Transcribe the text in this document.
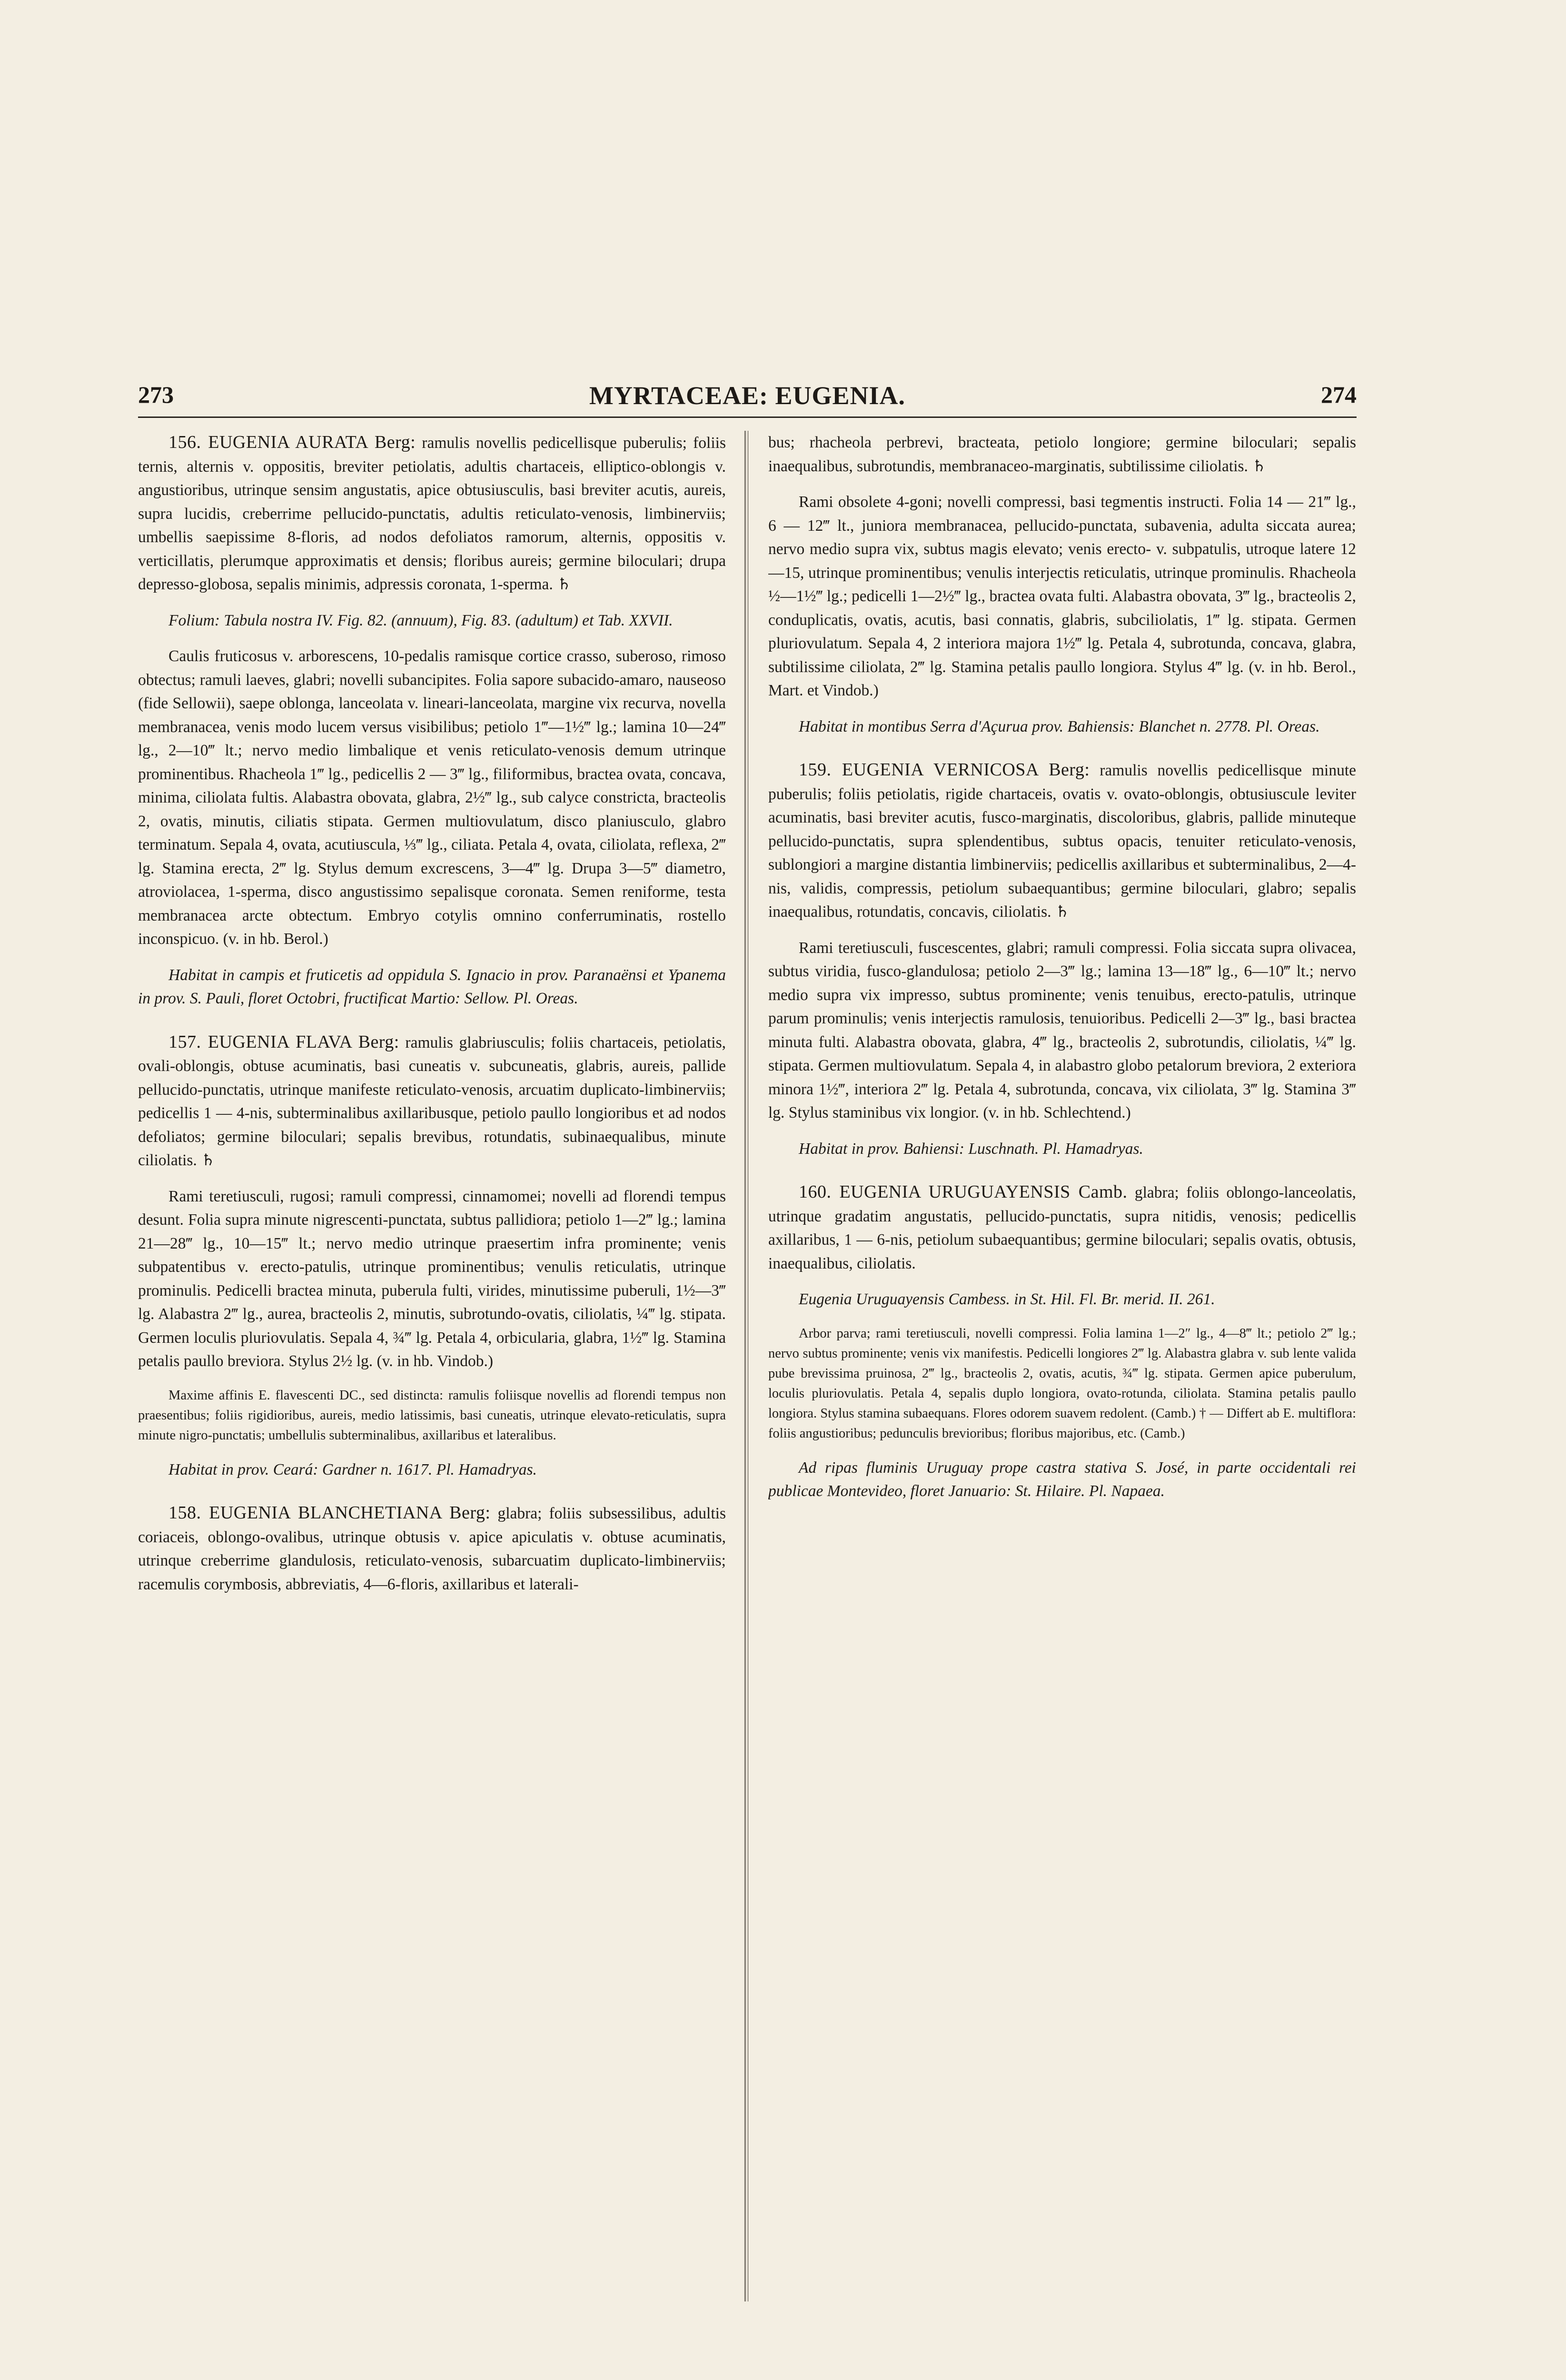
273	MYRTACEAE: EUGENIA.	274

156. EUGENIA AURATA Berg: ramulis novellis pedicellisque puberulis; foliis ternis, alternis v. oppositis, breviter petiolatis, adultis chartaceis, elliptico-oblongis v. angustioribus, utrinque sensim angustatis, apice obtusiusculis, basi breviter acutis, aureis, supra lucidis, creberrime pellucido-punctatis, adultis reticulato-venosis, limbinerviis; umbellis saepissime 8-floris, ad nodos defoliatos ramorum, alternis, oppositis v. verticillatis, plerumque approximatis et densis; floribus aureis; germine biloculari; drupa depresso-globosa, sepalis minimis, adpressis coronata, 1-sperma. ♄

Folium: Tabula nostra IV. Fig. 82. (annuum), Fig. 83. (adultum) et Tab. XXVII.

Caulis fruticosus v. arborescens, 10-pedalis ramisque cortice crasso, suberoso, rimoso obtectus; ramuli laeves, glabri; novelli subancipites. Folia sapore subacido-amaro, nauseoso (fide Sellowii), saepe oblonga, lanceolata v. lineari-lanceolata, margine vix recurva, novella membranacea, venis modo lucem versus visibilibus; petiolo 1‴—1½‴ lg.; lamina 10—24‴ lg., 2—10‴ lt.; nervo medio limbalique et venis reticulato-venosis demum utrinque prominentibus. Rhacheola 1‴ lg., pedicellis 2 — 3‴ lg., filiformibus, bractea ovata, concava, minima, ciliolata fultis. Alabastra obovata, glabra, 2½‴ lg., sub calyce constricta, bracteolis 2, ovatis, minutis, ciliatis stipata. Germen multiovulatum, disco planiusculo, glabro terminatum. Sepala 4, ovata, acutiuscula, ⅓‴ lg., ciliata. Petala 4, ovata, ciliolata, reflexa, 2‴ lg. Stamina erecta, 2‴ lg. Stylus demum excrescens, 3—4‴ lg. Drupa 3—5‴ diametro, atroviolacea, 1-sperma, disco angustissimo sepalisque coronata. Semen reniforme, testa membranacea arcte obtectum. Embryo cotylis omnino conferruminatis, rostello inconspicuo. (v. in hb. Berol.)

Habitat in campis et fruticetis ad oppidula S. Ignacio in prov. Paranaënsi et Ypanema in prov. S. Pauli, floret Octobri, fructificat Martio: Sellow. Pl. Oreas.

157. EUGENIA FLAVA Berg: ramulis glabriusculis; foliis chartaceis, petiolatis, ovali-oblongis, obtuse acuminatis, basi cuneatis v. subcuneatis, glabris, aureis, pallide pellucido-punctatis, utrinque manifeste reticulato-venosis, arcuatim duplicato-limbinerviis; pedicellis 1 — 4-nis, subterminalibus axillaribusque, petiolo paullo longioribus et ad nodos defoliatos; germine biloculari; sepalis brevibus, rotundatis, subinaequalibus, minute ciliolatis. ♄

Rami teretiusculi, rugosi; ramuli compressi, cinnamomei; novelli ad florendi tempus desunt. Folia supra minute nigrescenti-punctata, subtus pallidiora; petiolo 1—2‴ lg.; lamina 21—28‴ lg., 10—15‴ lt.; nervo medio utrinque praesertim infra prominente; venis subpatentibus v. erecto-patulis, utrinque prominentibus; venulis reticulatis, utrinque prominulis. Pedicelli bractea minuta, puberula fulti, virides, minutissime puberuli, 1½—3‴ lg. Alabastra 2‴ lg., aurea, bracteolis 2, minutis, subrotundo-ovatis, ciliolatis, ¼‴ lg. stipata. Germen loculis pluriovulatis. Sepala 4, ¾‴ lg. Petala 4, orbicularia, glabra, 1½‴ lg. Stamina petalis paullo breviora. Stylus 2½ lg. (v. in hb. Vindob.)

Maxime affinis E. flavescenti DC., sed distincta: ramulis foliisque novellis ad florendi tempus non praesentibus; foliis rigidioribus, aureis, medio latissimis, basi cuneatis, utrinque elevato-reticulatis, supra minute nigro-punctatis; umbellulis subterminalibus, axillaribus et lateralibus.

Habitat in prov. Ceará: Gardner n. 1617. Pl. Hamadryas.

158. EUGENIA BLANCHETIANA Berg: glabra; foliis subsessilibus, adultis coriaceis, oblongo-ovalibus, utrinque obtusis v. apice apiculatis v. obtuse acuminatis, utrinque creberrime glandulosis, reticulato-venosis, subarcuatim duplicato-limbinerviis; racemulis corymbosis, abbreviatis, 4—6-floris, axillaribus et laterali-

bus; rhacheola perbrevi, bracteata, petiolo longiore; germine biloculari; sepalis inaequalibus, subrotundis, membranaceo-marginatis, subtilissime ciliolatis. ♄

Rami obsolete 4-goni; novelli compressi, basi tegmentis instructi. Folia 14 — 21‴ lg., 6 — 12‴ lt., juniora membranacea, pellucido-punctata, subavenia, adulta siccata aurea; nervo medio supra vix, subtus magis elevato; venis erecto- v. subpatulis, utroque latere 12—15, utrinque prominentibus; venulis interjectis reticulatis, utrinque prominulis. Rhacheola ½—1½‴ lg.; pedicelli 1—2½‴ lg., bractea ovata fulti. Alabastra obovata, 3‴ lg., bracteolis 2, conduplicatis, ovatis, acutis, basi connatis, glabris, subciliolatis, 1‴ lg. stipata. Germen pluriovulatum. Sepala 4, 2 interiora majora 1½‴ lg. Petala 4, subrotunda, concava, glabra, subtilissime ciliolata, 2‴ lg. Stamina petalis paullo longiora. Stylus 4‴ lg. (v. in hb. Berol., Mart. et Vindob.)

Habitat in montibus Serra d'Açurua prov. Bahiensis: Blanchet n. 2778. Pl. Oreas.

159. EUGENIA VERNICOSA Berg: ramulis novellis pedicellisque minute puberulis; foliis petiolatis, rigide chartaceis, ovatis v. ovato-oblongis, obtusiuscule leviter acuminatis, basi breviter acutis, fusco-marginatis, discoloribus, glabris, pallide minuteque pellucido-punctatis, supra splendentibus, subtus opacis, tenuiter reticulato-venosis, sublongiori a margine distantia limbinerviis; pedicellis axillaribus et subterminalibus, 2—4-nis, validis, compressis, petiolum subaequantibus; germine biloculari, glabro; sepalis inaequalibus, rotundatis, concavis, ciliolatis. ♄

Rami teretiusculi, fuscescentes, glabri; ramuli compressi. Folia siccata supra olivacea, subtus viridia, fusco-glandulosa; petiolo 2—3‴ lg.; lamina 13—18‴ lg., 6—10‴ lt.; nervo medio supra vix impresso, subtus prominente; venis tenuibus, erecto-patulis, utrinque parum prominulis; venis interjectis ramulosis, tenuioribus. Pedicelli 2—3‴ lg., basi bractea minuta fulti. Alabastra obovata, glabra, 4‴ lg., bracteolis 2, subrotundis, ciliolatis, ¼‴ lg. stipata. Germen multiovulatum. Sepala 4, in alabastro globo petalorum breviora, 2 exteriora minora 1½‴, interiora 2‴ lg. Petala 4, subrotunda, concava, vix ciliolata, 3‴ lg. Stamina 3‴ lg. Stylus staminibus vix longior. (v. in hb. Schlechtend.)

Habitat in prov. Bahiensi: Luschnath. Pl. Hamadryas.

160. EUGENIA URUGUAYENSIS Camb. glabra; foliis oblongo-lanceolatis, utrinque gradatim angustatis, pellucido-punctatis, supra nitidis, venosis; pedicellis axillaribus, 1 — 6-nis, petiolum subaequantibus; germine biloculari; sepalis ovatis, obtusis, inaequalibus, ciliolatis.

Eugenia Uruguayensis Cambess. in St. Hil. Fl. Br. merid. II. 261.

Arbor parva; rami teretiusculi, novelli compressi. Folia lamina 1—2″ lg., 4—8‴ lt.; petiolo 2‴ lg.; nervo subtus prominente; venis vix manifestis. Pedicelli longiores 2‴ lg. Alabastra glabra v. sub lente valida pube brevissima pruinosa, 2‴ lg., bracteolis 2, ovatis, acutis, ¾‴ lg. stipata. Germen apice puberulum, loculis pluriovulatis. Petala 4, sepalis duplo longiora, ovato-rotunda, ciliolata. Stamina petalis paullo longiora. Stylus stamina subaequans. Flores odorem suavem redolent. (Camb.) † — Differt ab E. multiflora: foliis angustioribus; pedunculis brevioribus; floribus majoribus, etc. (Camb.)

Ad ripas fluminis Uruguay prope castra stativa S. José, in parte occidentali rei publicae Montevideo, floret Januario: St. Hilaire. Pl. Napaea.
